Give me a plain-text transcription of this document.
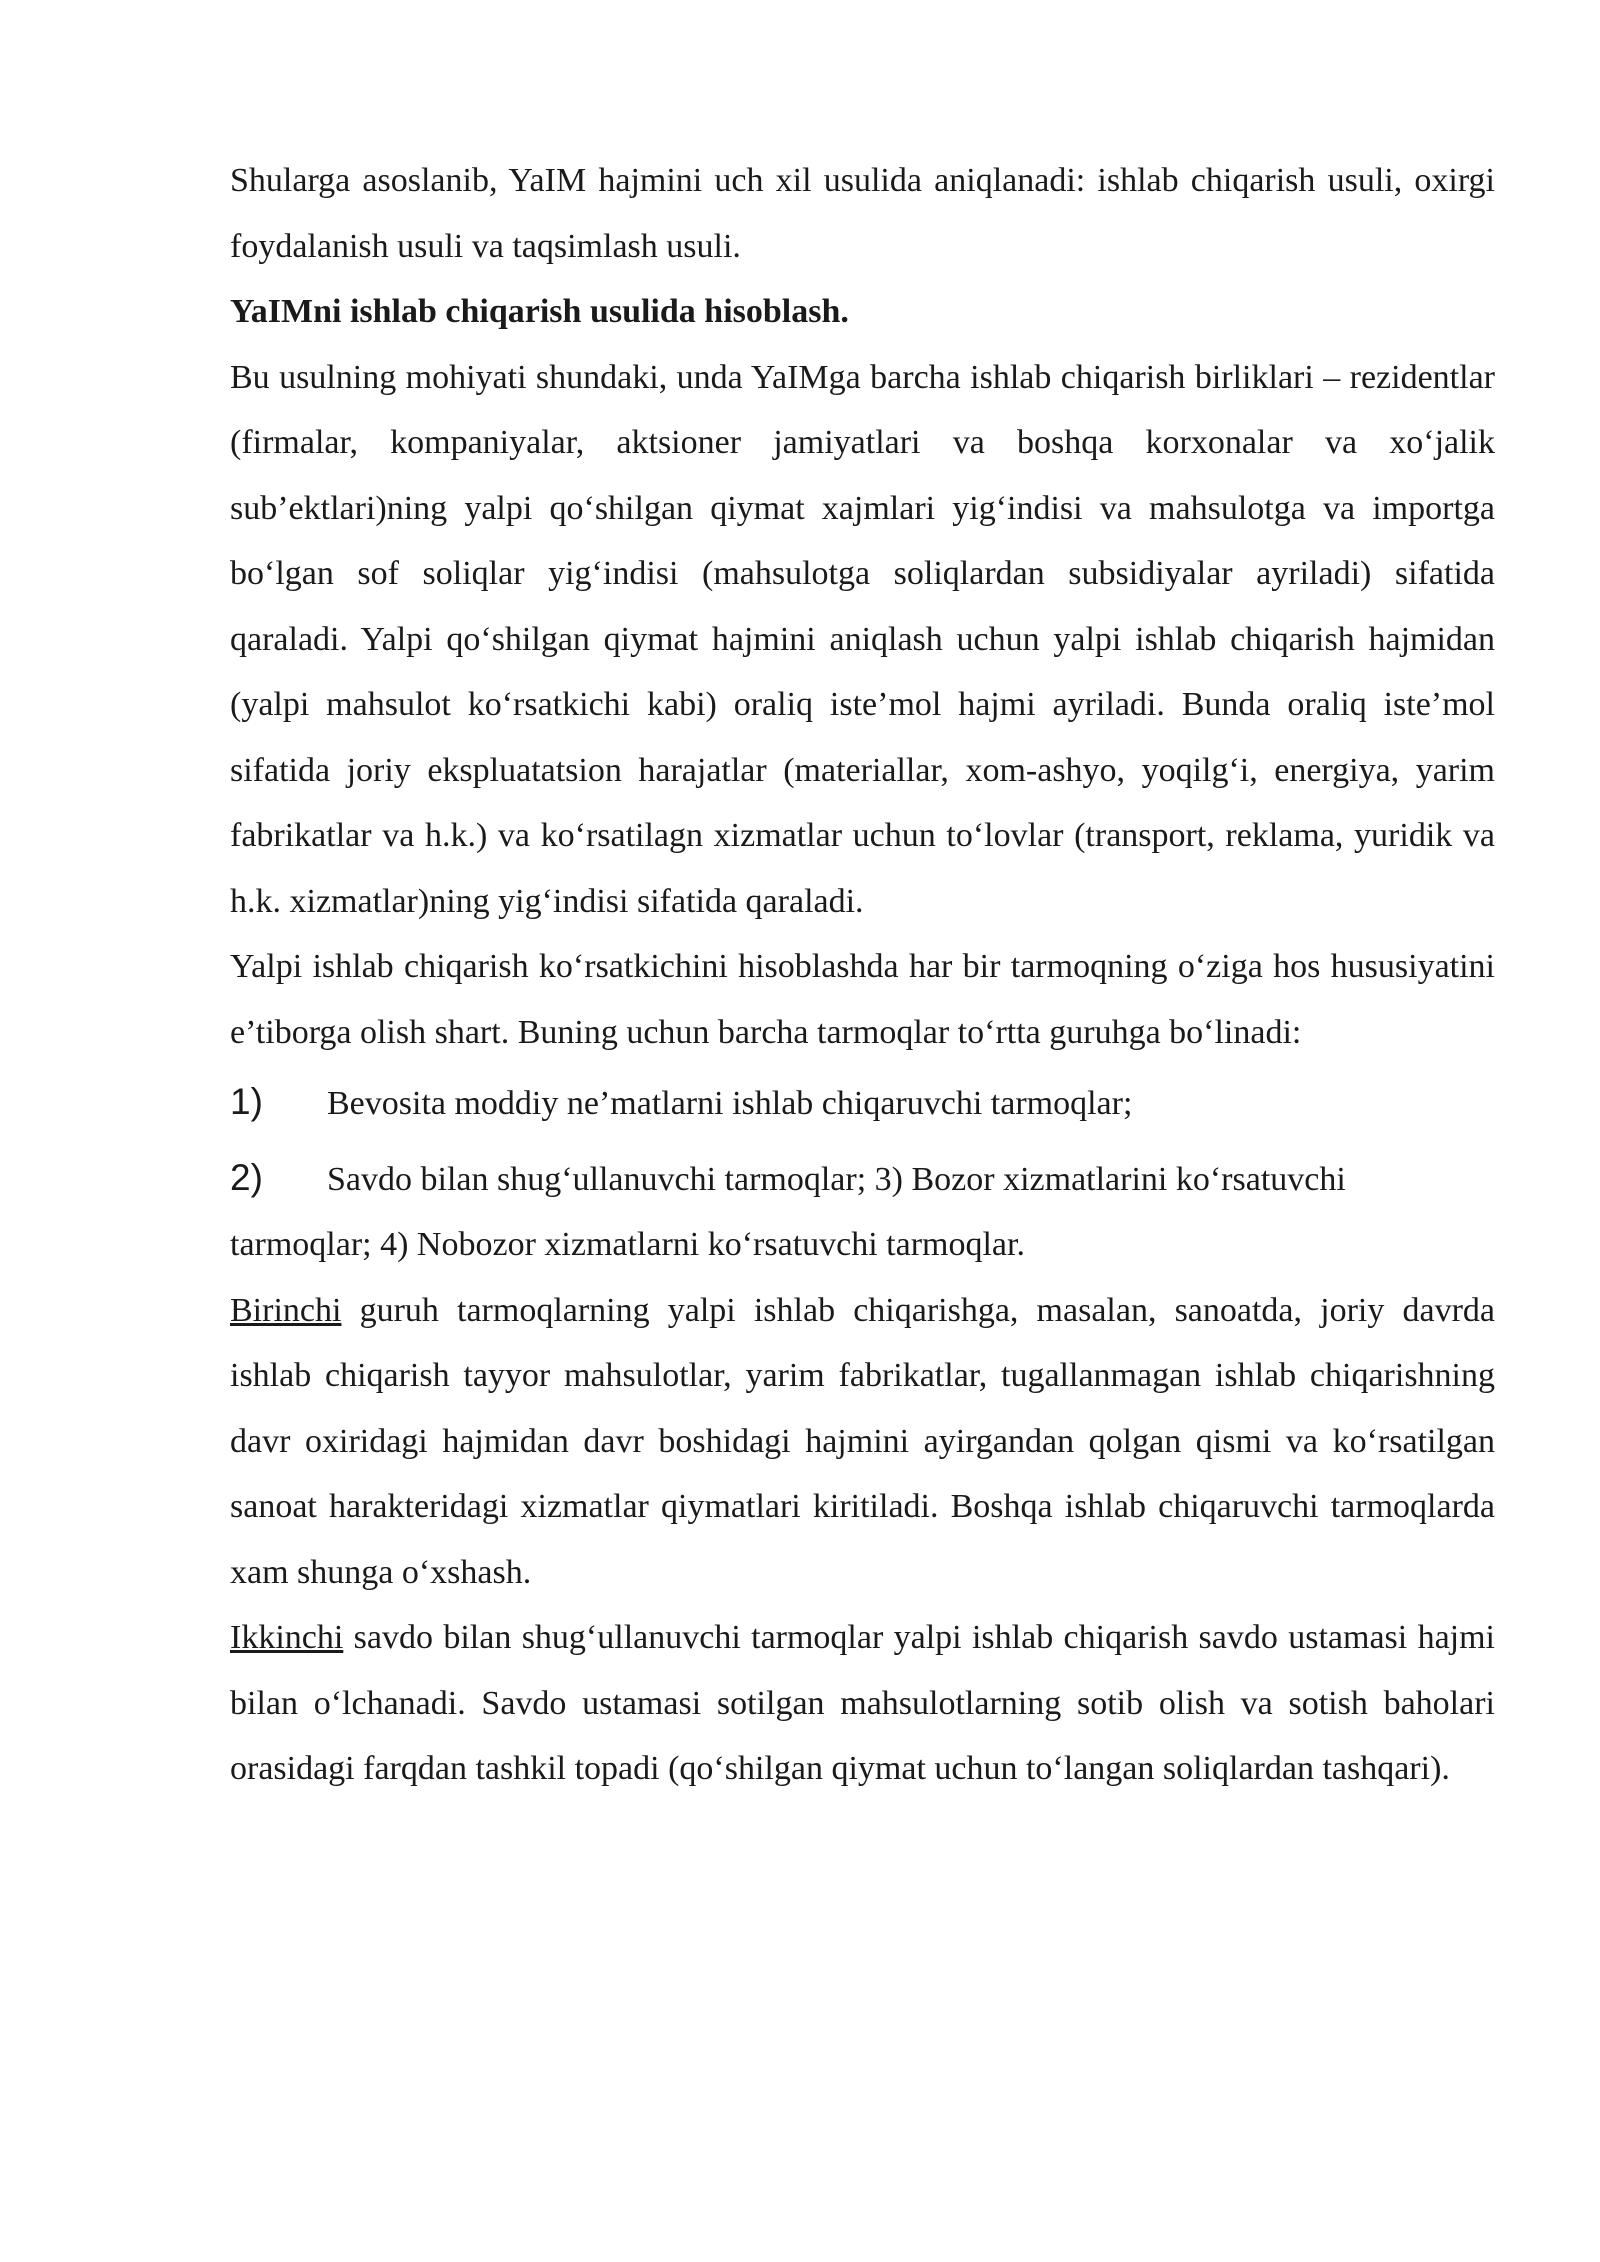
Shularga asoslanib, YaIM hajmini uch xil usulida aniqlanadi: ishlab chiqarish usuli, oxirgi foydalanish usuli va taqsimlash usuli.

YaIMni ishlab chiqarish usulida hisoblash.

Bu usulning mohiyati shundaki, unda YaIMga barcha ishlab chiqarish birliklari – rezidentlar (firmalar, kompaniyalar, aktsioner jamiyatlari va boshqa korxonalar va xo‘jalik sub’ektlari)ning yalpi qo‘shilgan qiymat xajmlari yig‘indisi va mahsulotga va importga bo‘lgan sof soliqlar yig‘indisi (mahsulotga soliqlardan subsidiyalar ayriladi) sifatida qaraladi. Yalpi qo‘shilgan qiymat hajmini aniqlash uchun yalpi ishlab chiqarish hajmidan (yalpi mahsulot ko‘rsatkichi kabi) oraliq iste’mol hajmi ayriladi. Bunda oraliq iste’mol sifatida joriy ekspluatatsion harajatlar (materiallar, xom-ashyo, yoqilg‘i, energiya, yarim fabrikatlar va h.k.) va ko‘rsatilagn xizmatlar uchun to‘lovlar (transport, reklama, yuridik va h.k. xizmatlar)ning yig‘indisi sifatida qaraladi.

Yalpi ishlab chiqarish ko‘rsatkichini hisoblashda har bir tarmoqning o‘ziga hos hususiyatini e’tiborga olish shart. Buning uchun barcha tarmoqlar to‘rtta guruhga bo‘linadi:

1) Bevosita moddiy ne’matlarni ishlab chiqaruvchi tarmoqlar;

2) Savdo bilan shug‘ullanuvchi tarmoqlar; 3) Bozor xizmatlarini ko‘rsatuvchi tarmoqlar; 4) Nobozor xizmatlarni ko‘rsatuvchi tarmoqlar.

Birinchi guruh tarmoqlarning yalpi ishlab chiqarishga, masalan, sanoatda, joriy davrda ishlab chiqarish tayyor mahsulotlar, yarim fabrikatlar, tugallanmagan ishlab chiqarishning davr oxiridagi hajmidan davr boshidagi hajmini ayirgandan qolgan qismi va ko‘rsatilgan sanoat harakteridagi xizmatlar qiymatlari kiritiladi. Boshqa ishlab chiqaruvchi tarmoqlarda xam shunga o‘xshash.

Ikkinchi savdo bilan shug‘ullanuvchi tarmoqlar yalpi ishlab chiqarish savdo ustamasi hajmi bilan o‘lchanadi. Savdo ustamasi sotilgan mahsulotlarning sotib olish va sotish baholari orasidagi farqdan tashkil topadi (qo‘shilgan qiymat uchun to‘langan soliqlardan tashqari).
